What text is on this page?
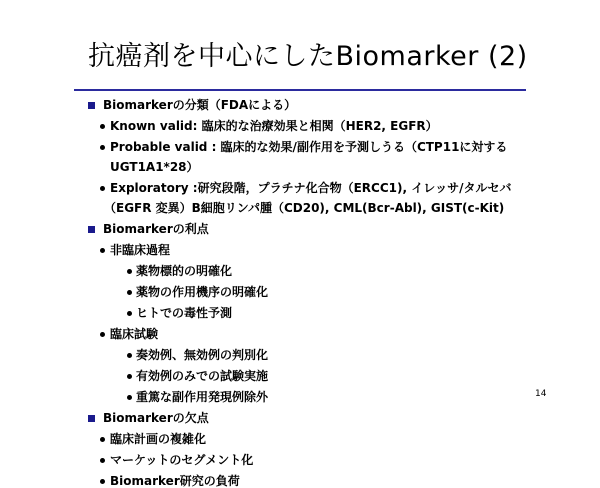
抗癌剤を中心にしたBiomarker (2)
Biomarkerの分類（FDAによる）
Known valid: 臨床的な治療効果と相関（HER2, EGFR）
Probable valid : 臨床的な効果/副作用を予測しうる（CTP11に対する
UGT1A1*28）
Exploratory :研究段階，プラチナ化合物（ERCC1), イレッサ/タルセバ
（EGFR 変異）B細胞リンパ腫（CD20), CML(Bcr-Abl), GIST(c-Kit)
Biomarkerの利点
非臨床過程
薬物標的の明確化
薬物の作用機序の明確化
ヒトでの毒性予測
臨床試験
奏効例、無効例の判別化
有効例のみでの試験実施
重篤な副作用発現例除外
Biomarkerの欠点
臨床計画の複雑化
マーケットのセグメント化
Biomarker研究の負荷
14
